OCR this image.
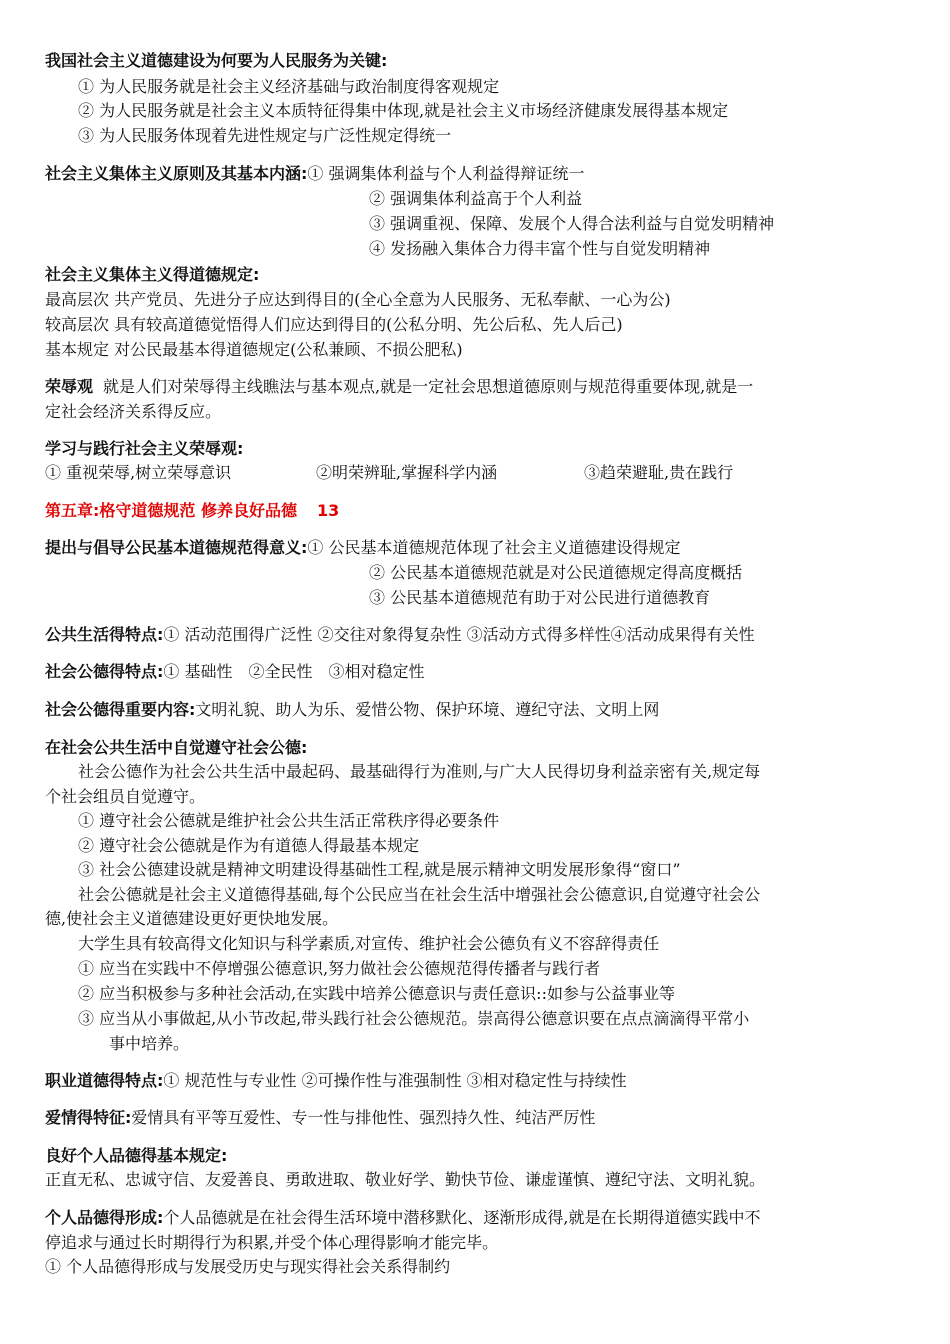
我国社会主义道德建设为何要为人民服务为关键:
① 为人民服务就是社会主义经济基础与政治制度得客观规定
② 为人民服务就是社会主义本质特征得集中体现,就是社会主义市场经济健康发展得基本规定
③ 为人民服务体现着先进性规定与广泛性规定得统一
社会主义集体主义原则及其基本内涵:① 强调集体利益与个人利益得辩证统一
② 强调集体利益高于个人利益
③ 强调重视、保障、发展个人得合法利益与自觉发明精神
④ 发扬融入集体合力得丰富个性与自觉发明精神
社会主义集体主义得道德规定:
最高层次 共产党员、先进分子应达到得目的(全心全意为人民服务、无私奉献、一心为公)
较高层次 具有较高道德觉悟得人们应达到得目的(公私分明、先公后私、先人后己)
基本规定 对公民最基本得道德规定(公私兼顾、不损公肥私)
荣辱观 就是人们对荣辱得主线瞧法与基本观点,就是一定社会思想道德原则与规范得重要体现,就是一
定社会经济关系得反应。
学习与践行社会主义荣辱观:
① 重视荣辱,树立荣辱意识	②明荣辨耻,掌握科学内涵	③趋荣避耻,贵在践行
第五章:格守道德规范 修养良好品德 13
提出与倡导公民基本道德规范得意义:① 公民基本道德规范体现了社会主义道德建设得规定
② 公民基本道德规范就是对公民道德规定得高度概括
③ 公民基本道德规范有助于对公民进行道德教育
公共生活得特点:① 活动范围得广泛性 ②交往对象得复杂性 ③活动方式得多样性④活动成果得有关性
社会公德得特点:① 基础性　②全民性　③相对稳定性
社会公德得重要内容:文明礼貌、助人为乐、爱惜公物、保护环境、遵纪守法、文明上网
在社会公共生活中自觉遵守社会公德:
社会公德作为社会公共生活中最起码、最基础得行为准则,与广大人民得切身利益亲密有关,规定每
个社会组员自觉遵守。
① 遵守社会公德就是维护社会公共生活正常秩序得必要条件
② 遵守社会公德就是作为有道德人得最基本规定
③ 社会公德建设就是精神文明建设得基础性工程,就是展示精神文明发展形象得“窗口”
社会公德就是社会主义道德得基础,每个公民应当在社会生活中增强社会公德意识,自觉遵守社会公
德,使社会主义道德建设更好更快地发展。
大学生具有较高得文化知识与科学素质,对宣传、维护社会公德负有义不容辞得责任
① 应当在实践中不停增强公德意识,努力做社会公德规范得传播者与践行者
② 应当积极参与多种社会活动,在实践中培养公德意识与责任意识::如参与公益事业等
③ 应当从小事做起,从小节改起,带头践行社会公德规范。崇高得公德意识要在点点滴滴得平常小
事中培养。
职业道德得特点:① 规范性与专业性 ②可操作性与准强制性 ③相对稳定性与持续性
爱情得特征:爱情具有平等互爱性、专一性与排他性、强烈持久性、纯洁严厉性
良好个人品德得基本规定:
正直无私、忠诚守信、友爱善良、勇敢进取、敬业好学、勤快节俭、谦虚谨慎、遵纪守法、文明礼貌。
个人品德得形成:个人品德就是在社会得生活环境中潜移默化、逐渐形成得,就是在长期得道德实践中不
停追求与通过长时期得行为积累,并受个体心理得影响才能完毕。
① 个人品德得形成与发展受历史与现实得社会关系得制约
